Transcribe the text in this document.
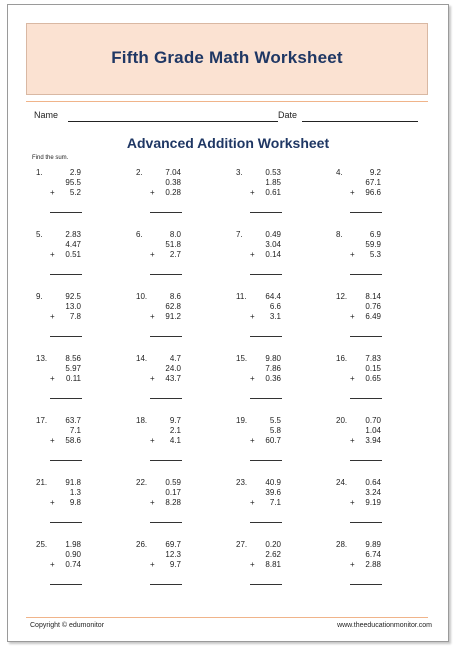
Fifth Grade Math Worksheet
Name	Date
Advanced Addition Worksheet
Find the sum.
1.	2.9
95.5
5.2
+
2.	7.04
0.38
0.28
+
3.	0.53
1.85
0.61
+
4.	9.2
67.1
96.6
+
5.	2.83
4.47
0.51
+
6.	8.0
51.8
2.7
+
7.	0.49
3.04
0.14
+
8.	6.9
59.9
5.3
+
9.	92.5
13.0
7.8
+
10.	8.6
62.8
91.2
+
11.	64.4
6.6
3.1
+
12.	8.14
0.76
6.49
+
13.	8.56
5.97
0.11
+
14.	4.7
24.0
43.7
+
15.	9.80
7.86
0.36
+
16.	7.83
0.15
0.65
+
17.	63.7
7.1
58.6
+
18.	9.7
2.1
4.1
+
19.	5.5
5.8
60.7
+
20.	0.70
1.04
3.94
+
21.	91.8
1.3
9.8
+
22.	0.59
0.17
8.28
+
23.	40.9
39.6
7.1
+
24.	0.64
3.24
9.19
+
25.	1.98
0.90
0.74
+
26.	69.7
12.3
9.7
+
27.	0.20
2.62
8.81
+
28.	9.89
6.74
2.88
+
Copyright © edumonitor	www.theeducationmonitor.com
